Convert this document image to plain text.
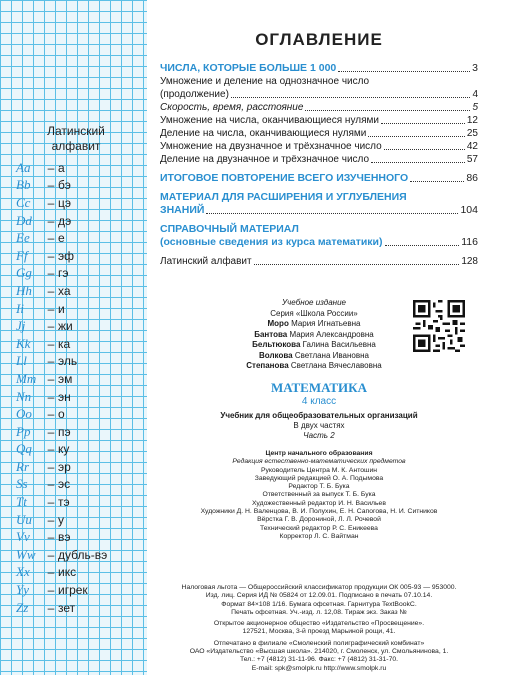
Латинский
алфавит
Aa	– а
Bb	– бэ
Cc	– цэ
Dd	– дэ
Ee	– е
Ff	– эф
Gg	– гэ
Hh	– ха
Ii	– и
Jj	– жи
Kk	– ка
Ll	– эль
Mm – эм
Nn	– эн
Oo	– о
Pp	– пэ
Qq	– ку
Rr	– эр
Ss	– эс
Tt	– тэ
Uu	– у
Vv	– вэ
Ww	– дубль-вэ
Xx	– икс
Yy	– игрек
Zz	– зет
ОГЛАВЛЕНИЕ
ЧИСЛА, КОТОРЫЕ БОЛЬШЕ 1 000	3
Умножение и деление на однозначное число
(продолжение)	4
Скорость, время, расстояние	5
Умножение на числа, оканчивающиеся нулями	12
Деление на числа, оканчивающиеся нулями	25
Умножение на двузначное и трёхзначное число	42
Деление на двузначное и трёхзначное число	57
ИТОГОВОЕ ПОВТОРЕНИЕ ВСЕГО ИЗУЧЕННОГО	86
МАТЕРИАЛ ДЛЯ РАСШИРЕНИЯ И УГЛУБЛЕНИЯ
ЗНАНИЙ	104
СПРАВОЧНЫЙ МАТЕРИАЛ
(основные сведения из курса математики)	116
Латинский алфавит	128
Учебное издание
Серия «Школа России»
Моро Мария Игнатьевна
Бантова Мария Александровна
Бельтюкова Галина Васильевна
Волкова Светлана Ивановна
Степанова Светлана Вячеславовна
МАТЕМАТИКА
4 класс
Учебник для общеобразовательных организаций
В двух частях
Часть 2
Центр начального образования
Редакция естественно-математических предметов
Руководитель Центра М. К. Антошин
Заведующий редакцией О. А. Подымова
Редактор Т. Б. Бука
Ответственный за выпуск Т. Б. Бука
Художественный редактор И. Н. Васильев
Художники Д. Н. Валенцова, В. И. Полухин, Е. Н. Сапогова, Н. И. Ситников
Вёрстка Г. В. Дорониной, Л. Л. Рочевой
Технический редактор Р. С. Еникеева
Корректор Л. С. Вайтман
Налоговая льгота — Общероссийский классификатор продукции ОК 005-93 — 953000.
Изд. лиц. Серия ИД № 05824 от 12.09.01. Подписано в печать 07.10.14.
Формат 84×108 1/16. Бумага офсетная. Гарнитура TextBookC.
Печать офсетная. Уч.-изд. л. 12,08. Тираж экз. Заказ №
Открытое акционерное общество «Издательство «Просвещение».
127521, Москва, 3-й проезд Марьиной рощи, 41.
Отпечатано в филиале «Смоленский полиграфический комбинат»
ОАО «Издательство «Высшая школа». 214020, г. Смоленск, ул. Смольянинова, 1.
Тел.: +7 (4812) 31-11-96. Факс: +7 (4812) 31-31-70.
E-mail: spk@smolpk.ru http://www.smolpk.ru
